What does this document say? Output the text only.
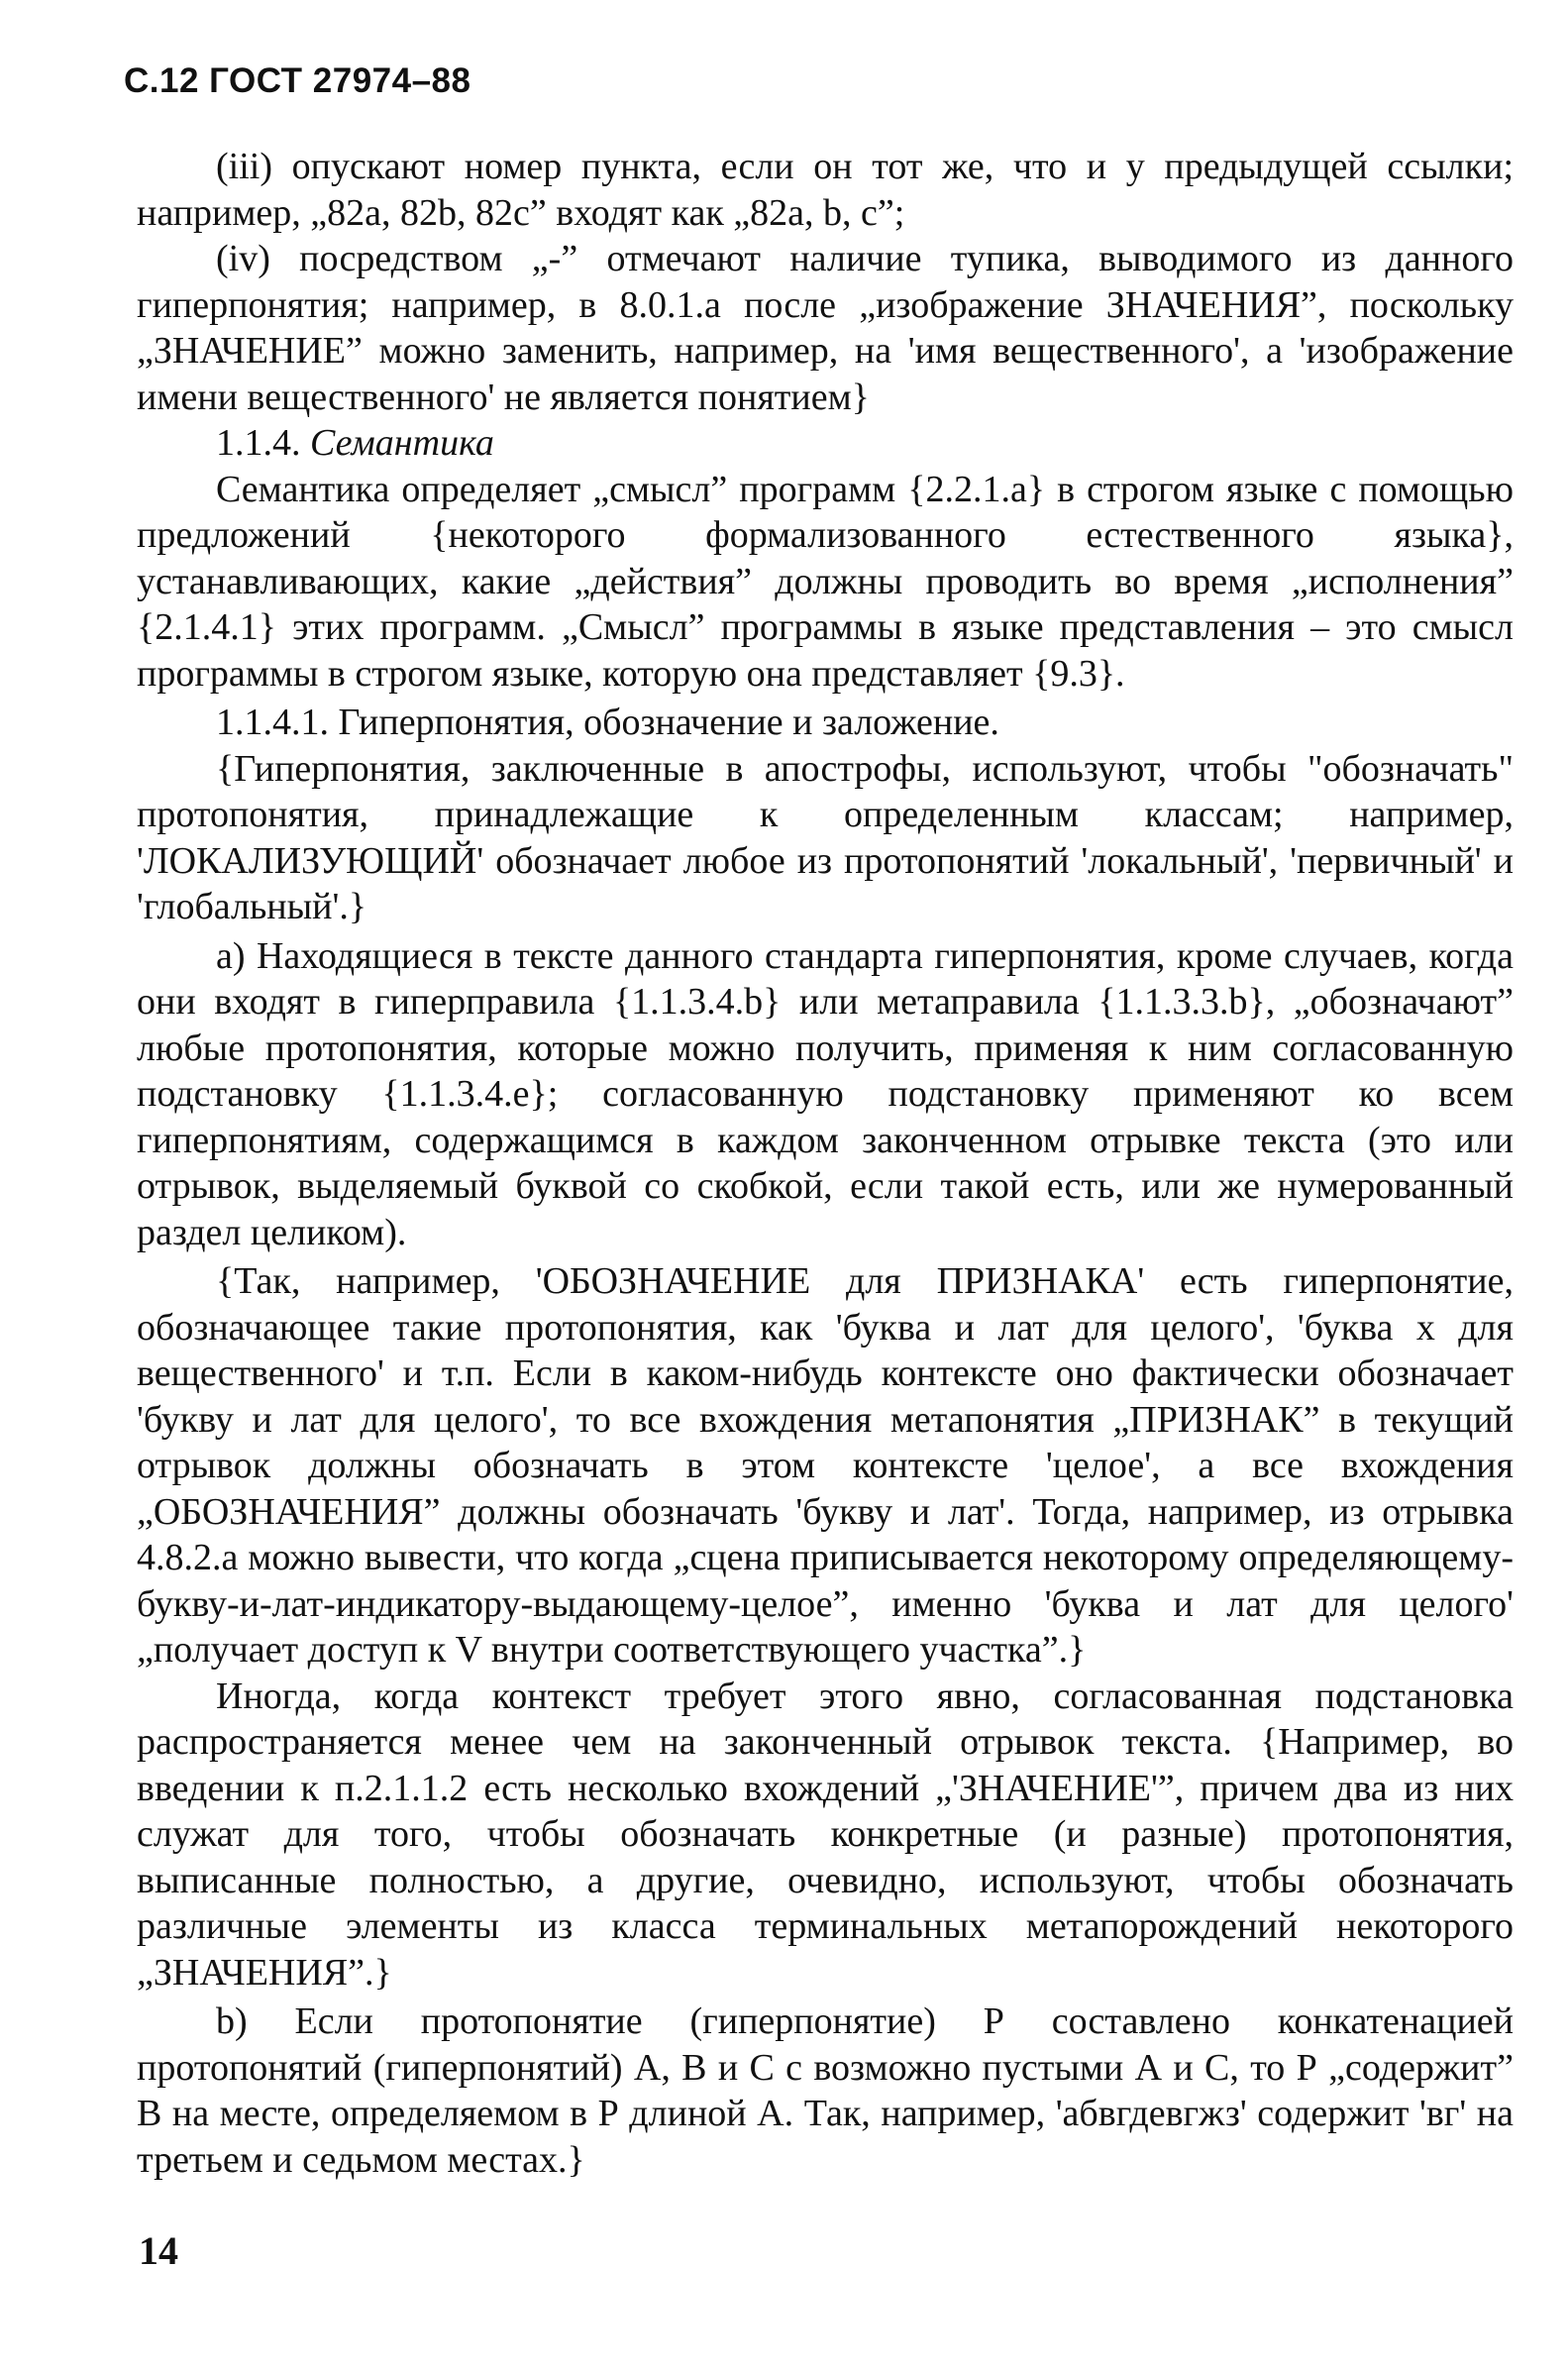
С.12 ГОСТ 27974–88

(iii) опускают номер пункта, если он тот же, что и у предыдущей ссылки; например, „82а, 82b, 82с” входят как „82а, b, с”;

(iv) посредством „-” отмечают наличие тупика, выводимого из данного гиперпонятия; например, в 8.0.1.а после „изображение ЗНАЧЕНИЯ”, поскольку „ЗНАЧЕНИЕ” можно заменить, например, на 'имя вещественного', а 'изображение имени вещественного' не является понятием}

1.1.4. Семантика

Семантика определяет „смысл” программ {2.2.1.а} в строгом языке с помощью предложений {некоторого формализованного естественного языка}, устанавливающих, какие „действия” должны проводить во время „исполнения” {2.1.4.1} этих программ. „Смысл” программы в языке представления – это смысл программы в строгом языке, которую она представляет {9.3}.

1.1.4.1. Гиперпонятия, обозначение и заложение.

{Гиперпонятия, заключенные в апострофы, используют, чтобы "обозначать" протопонятия, принадлежащие к определенным классам; например, 'ЛОКАЛИЗУЮЩИЙ' обозначает любое из протопонятий 'локальный', 'первичный' и 'глобальный'.}

а) Находящиеся в тексте данного стандарта гиперпонятия, кроме случаев, когда они входят в гиперправила {1.1.3.4.b} или метаправила {1.1.3.3.b}, „обозначают” любые протопонятия, которые можно получить, применяя к ним согласованную подстановку {1.1.3.4.е}; согласованную подстановку применяют ко всем гиперпонятиям, содержащимся в каждом законченном отрывке текста (это или отрывок, выделяемый буквой со скобкой, если такой есть, или же нумерованный раздел целиком).

{Так, например, 'ОБОЗНАЧЕНИЕ для ПРИЗНАКА' есть гиперпонятие, обозначающее такие протопонятия, как 'буква и лат для целого', 'буква х для вещественного' и т.п. Если в каком-нибудь контексте оно фактически обозначает 'букву и лат для целого', то все вхождения метапонятия „ПРИЗНАК” в текущий отрывок должны обозначать в этом контексте 'целое', а все вхождения „ОБОЗНАЧЕНИЯ” должны обозначать 'букву и лат'. Тогда, например, из отрывка 4.8.2.а можно вывести, что когда „сцена приписывается некоторому определяющему-букву-и-лат-индикатору-выдающему-целое”, именно 'буква и лат для целого' „получает доступ к V внутри соответствующего участка”.}

Иногда, когда контекст требует этого явно, согласованная подстановка распространяется менее чем на законченный отрывок текста. {Например, во введении к п.2.1.1.2 есть несколько вхождений „'ЗНАЧЕНИЕ'”, причем два из них служат для того, чтобы обозначать конкретные (и разные) протопонятия, выписанные полностью, а другие, очевидно, используют, чтобы обозначать различные элементы из класса терминальных метапорождений некоторого „ЗНАЧЕНИЯ”.}

b) Если протопонятие (гиперпонятие) Р составлено конкатенацией протопонятий (гиперпонятий) А, В и С с возможно пустыми А и С, то Р „содержит” В на месте, определяемом в Р длиной А. Так, например, 'абвгдевгжз' содержит 'вг' на третьем и седьмом местах.}

14
